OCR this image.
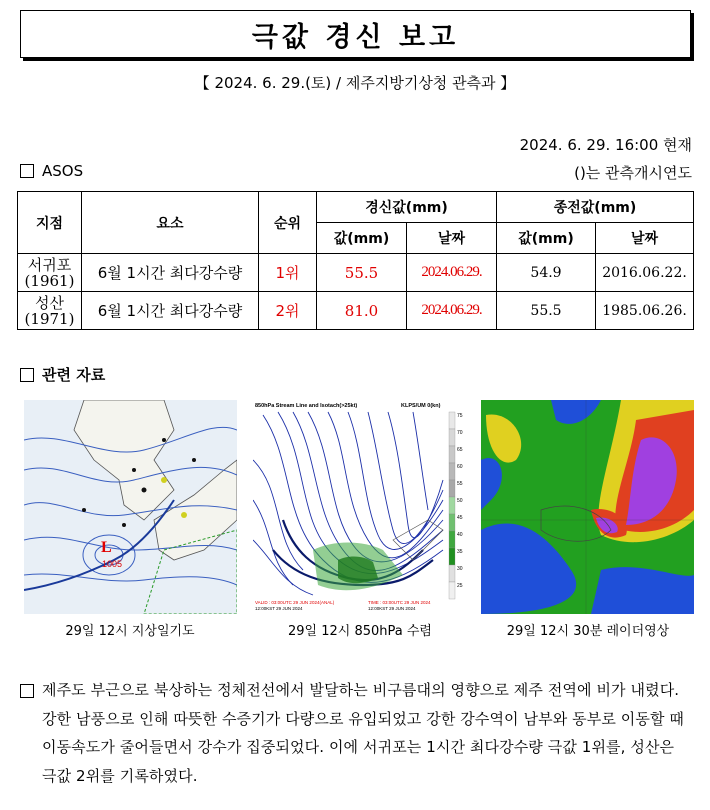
극값 경신 보고
【 2024. 6. 29.(토) / 제주지방기상청 관측과 】
2024. 6. 29. 16:00 현재
ASOS	()는 관측개시연도
지점	요소	순위	경신값(mm)		종전값(mm)	
			값(mm)	날짜	값(mm)	날짜

서귀포
(1961)	6월 1시간 최다강수량	1위	55.5	2024.06.29.	54.9	2016.06.22.

성산
(1971)	6월 1시간 최다강수량	2위	81.0	2024.06.29.	55.5	1985.06.26.
관련 자료
L
1005
850hPa Stream Line and Isotach(>25kt)	KLPS/UM 0(kn)
VALID : 03:00UTC 29 JUN 2024(ANAL)
12:00KST 29 JUN 2024
TIME : 03:00UTC 29 JUN 2024
12:00KST 29 JUN 2024
75
70
65
60
55
50
45
40
35
30
25
29일 12시 지상일기도	29일 12시 850hPa 수렴	29일 12시 30분 레이더영상

제주도 부근으로 북상하는 정체전선에서 발달하는 비구름대의 영향으로 제주 전역에 비가 내렸다. 강한 남풍으로 인해 따뜻한 수증기가 다량으로 유입되었고 강한 강수역이 남부와 동부로 이동할 때 이동속도가 줄어들면서 강수가 집중되었다. 이에 서귀포는 1시간 최다강수량 극값 1위를, 성산은 극값 2위를 기록하였다.
